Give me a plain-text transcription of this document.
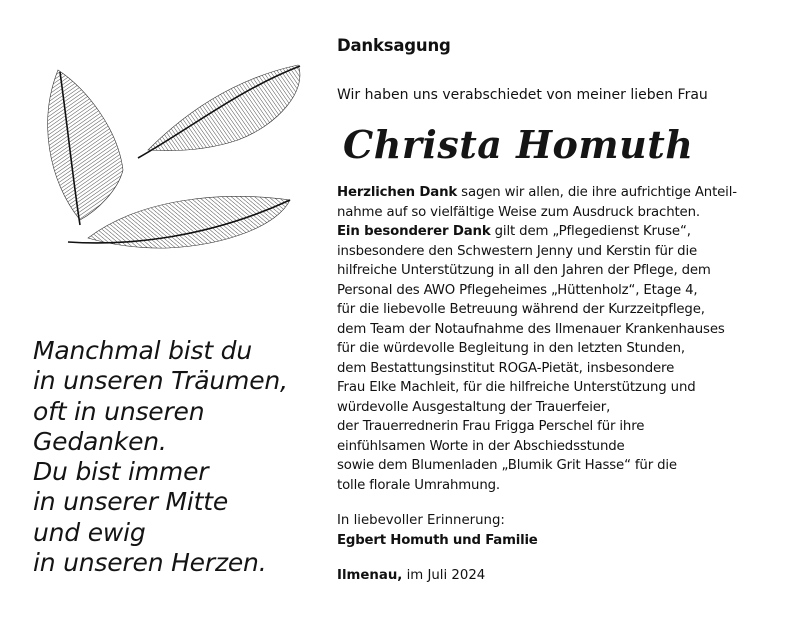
Manchmal bist du
in unseren Träumen,
oft in unseren
Gedanken.
Du bist immer
in unserer Mitte
und ewig
in unseren Herzen.
Danksagung
Wir haben uns verabschiedet von meiner lieben Frau
Christa Homuth
Herzlichen Dank sagen wir allen, die ihre aufrichtige Anteil-
nahme auf so vielfältige Weise zum Ausdruck brachten.
Ein besonderer Dank gilt dem „Pflegedienst Kruse“,
insbesondere den Schwestern Jenny und Kerstin für die
hilfreiche Unterstützung in all den Jahren der Pflege, dem
Personal des AWO Pflegeheimes „Hüttenholz“, Etage 4,
für die liebevolle Betreuung während der Kurzzeitpflege,
dem Team der Notaufnahme des Ilmenauer Krankenhauses
für die würdevolle Begleitung in den letzten Stunden,
dem Bestattungsinstitut ROGA-Pietät, insbesondere
Frau Elke Machleit, für die hilfreiche Unterstützung und
würdevolle Ausgestaltung der Trauerfeier,
der Trauerrednerin Frau Frigga Perschel für ihre
einfühlsamen Worte in der Abschiedsstunde
sowie dem Blumenladen „Blumik Grit Hasse“ für die
tolle florale Umrahmung.
In liebevoller Erinnerung:
Egbert Homuth und Familie
Ilmenau, im Juli 2024
